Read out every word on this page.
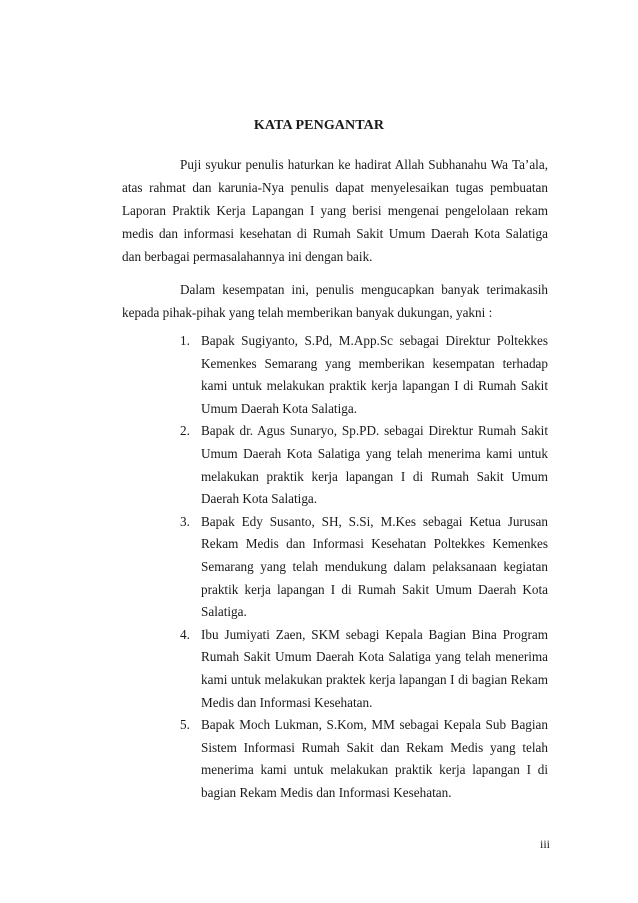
KATA PENGANTAR

Puji syukur penulis haturkan ke hadirat Allah Subhanahu Wa Ta’ala, atas rahmat dan karunia-Nya penulis dapat menyelesaikan tugas pembuatan Laporan Praktik Kerja Lapangan I yang berisi mengenai pengelolaan rekam medis dan informasi kesehatan di Rumah Sakit Umum Daerah Kota Salatiga dan berbagai permasalahannya ini dengan baik.

Dalam kesempatan ini, penulis mengucapkan banyak terimakasih kepada pihak-pihak yang telah memberikan banyak dukungan, yakni :

1. Bapak Sugiyanto, S.Pd, M.App.Sc sebagai Direktur Poltekkes Kemenkes Semarang yang memberikan kesempatan terhadap kami untuk melakukan praktik kerja lapangan I di Rumah Sakit Umum Daerah Kota Salatiga.
2. Bapak dr. Agus Sunaryo, Sp.PD. sebagai Direktur Rumah Sakit Umum Daerah Kota Salatiga yang telah menerima kami untuk melakukan praktik kerja lapangan I di Rumah Sakit Umum Daerah Kota Salatiga.
3. Bapak Edy Susanto, SH, S.Si, M.Kes sebagai Ketua Jurusan Rekam Medis dan Informasi Kesehatan Poltekkes Kemenkes Semarang yang telah mendukung dalam pelaksanaan kegiatan praktik kerja lapangan I di Rumah Sakit Umum Daerah Kota Salatiga.
4. Ibu Jumiyati Zaen, SKM sebagi Kepala Bagian Bina Program Rumah Sakit Umum Daerah Kota Salatiga yang telah menerima kami untuk melakukan praktek kerja lapangan I di bagian Rekam Medis dan Informasi Kesehatan.
5. Bapak Moch Lukman, S.Kom, MM sebagai Kepala Sub Bagian Sistem Informasi Rumah Sakit dan Rekam Medis yang telah menerima kami untuk melakukan praktik kerja lapangan I di bagian Rekam Medis dan Informasi Kesehatan.
iii
